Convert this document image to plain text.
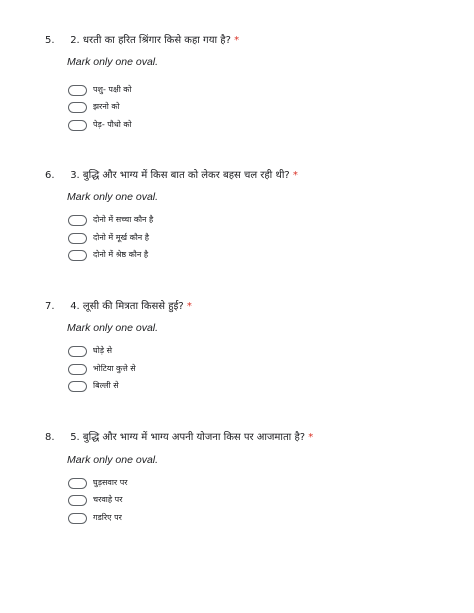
5. 2. धरती का हरित श्रिंगार किसे कहा गया है? *
Mark only one oval.
पशु- पक्षी को
झरनो को
पेड़- पौधो को
6. 3. बुद्धि और भाग्य में किस बात को लेकर बहस चल रही थी? *
Mark only one oval.
दोनो में सच्चा कौन है
दोनो में मूर्ख कौन है
दोनो में श्रेष्ठ कौन है
7. 4. लूसी की मित्रता किससे हुई? *
Mark only one oval.
घोड़े से
भोटिया कुत्ते से
बिल्ली से
8. 5. बुद्धि और भाग्य में भाग्य अपनी योजना किस पर आजमाता है? *
Mark only one oval.
घुड़सवार पर
चरवाहे पर
गडरिए पर
